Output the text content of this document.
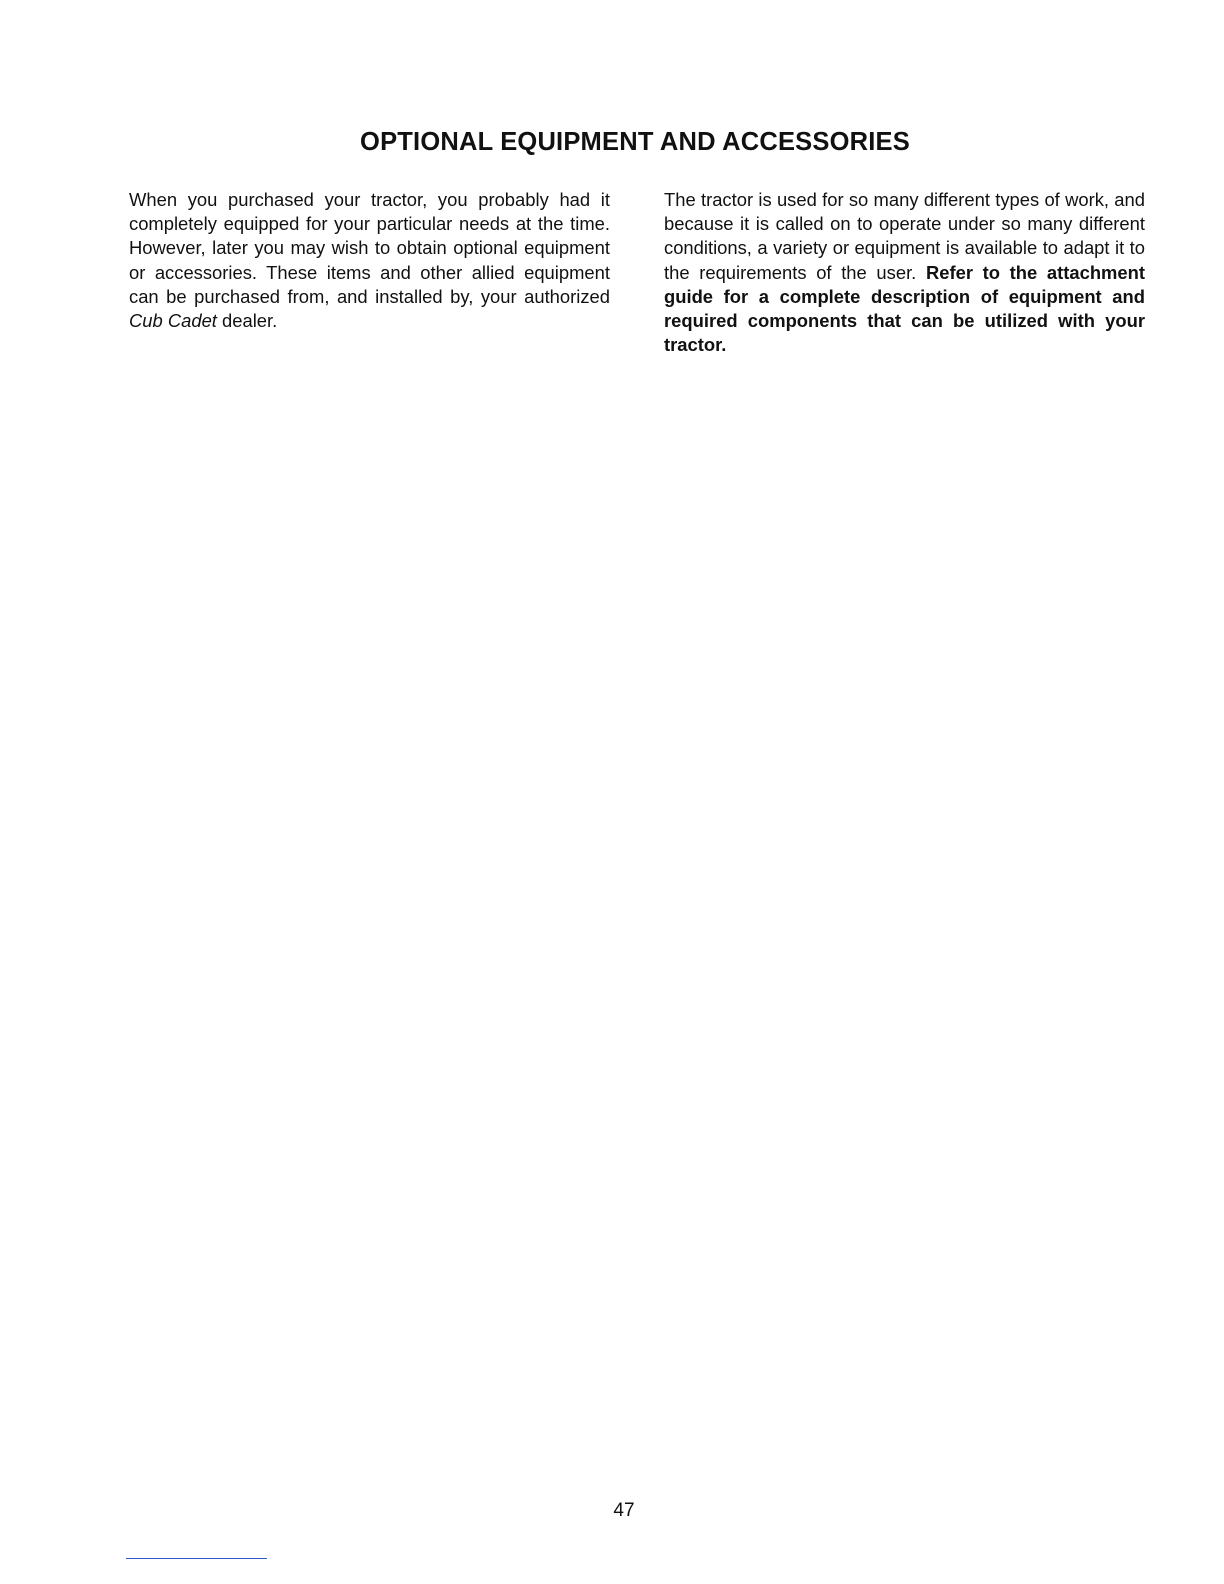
OPTIONAL EQUIPMENT AND ACCESSORIES

When you purchased your tractor, you probably had it completely equipped for your particular needs at the time. However, later you may wish to obtain optional equipment or accessories. These items and other allied equipment can be purchased from, and installed by, your authorized Cub Cadet dealer.

The tractor is used for so many different types of work, and because it is called on to operate under so many different conditions, a variety or equipment is available to adapt it to the requirements of the user. Refer to the attachment guide for a complete description of equipment and required components that can be utilized with your tractor.

47
